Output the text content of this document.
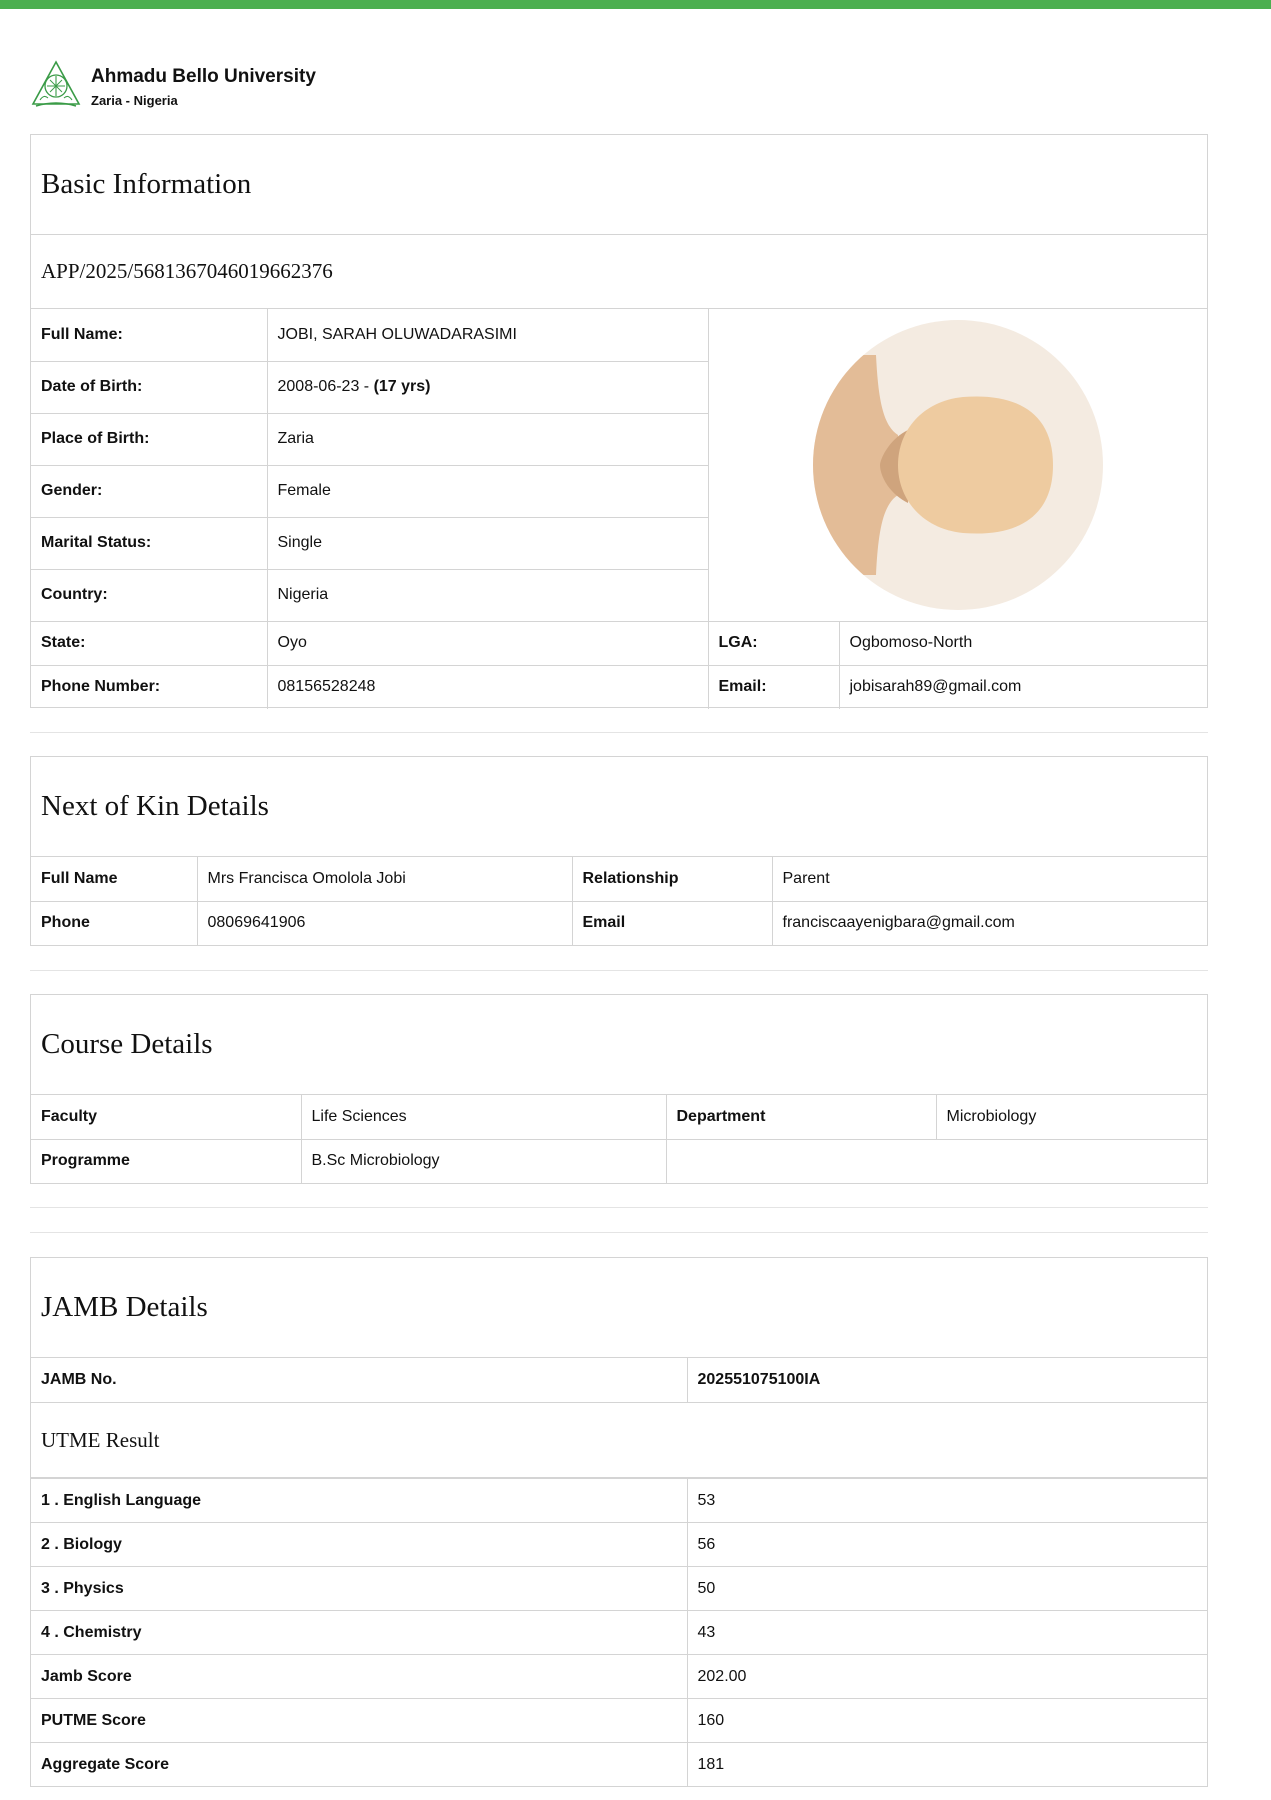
Ahmadu Bello University
Zaria - Nigeria
Basic Information
APP/2025/5681367046019662376
Full Name:	JOBI, SARAH OLUWADARASIMI	

Date of Birth:	2008-06-23 - (17 yrs)		
Place of Birth:	Zaria		
Gender:	Female		
Marital Status:	Single		
Country:	Nigeria		
State:	Oyo	LGA:	Ogbomoso-North
Phone Number:	08156528248	Email:	jobisarah89@gmail.com
Next of Kin Details
Full Name	Mrs Francisca Omolola Jobi	Relationship	Parent
Phone	08069641906	Email	franciscaayenigbara@gmail.com
Course Details
Faculty	Life Sciences	Department	Microbiology
Programme	B.Sc Microbiology		
JAMB Details
JAMB No.	202551075100IA
UTME Result
1 . English Language	53
2 . Biology	56
3 . Physics	50
4 . Chemistry	43
Jamb Score	202.00
PUTME Score	160
Aggregate Score	181
